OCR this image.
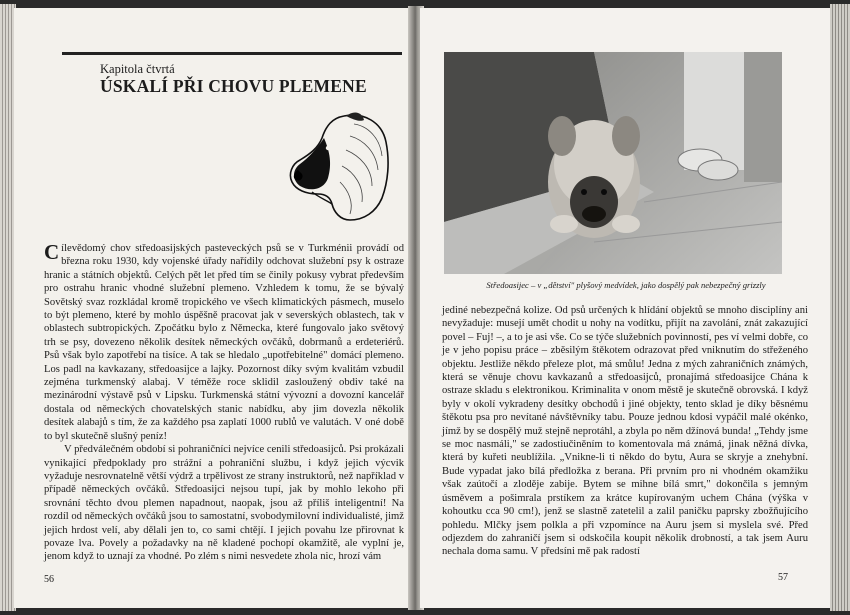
Kapitola čtvrtá
ÚSKALÍ PŘI CHOVU PLEMENE

Cílevědomý chov středoasijských pasteveckých psů se v Turkménii provádí od března roku 1930, kdy vojenské úřady nařídily odchovat služební psy k ostraze hranic a státních objektů. Celých pět let před tím se činily pokusy vybrat především pro ostrahu hranic vhodné služební plemeno. Vzhledem k tomu, že se bývalý Sovětský svaz rozkládal kromě tropického ve všech klimatických pásmech, muselo to být plemeno, které by mohlo úspěšně pracovat jak v severských oblastech, tak v oblastech subtropických. Zpočátku bylo z Německa, které fungovalo jako světový trh se psy, dovezeno několik desítek německých ovčáků, dobrmanů a erdeteriérů. Psů však bylo zapotřebí na tisíce. A tak se hledalo „upotřebitelné" domácí plemeno. Los padl na kavkazany, středoasijce a lajky. Pozornost díky svým kvalitám vzbudil zejména turkmenský alabaj. V téměže roce sklidil zasloužený obdiv také na mezinárodní výstavě psů v Lipsku. Turkmenská státní vývozní a dovozní kancelář dostala od německých chovatelských stanic nabídku, aby jim dovezla několik desítek alabajů s tím, že za každého psa zaplatí 1000 rublů ve valutách. V oné době to byl skutečně slušný peníz!

V předválečném období si pohraničníci nejvíce cenili středoasijců. Psi prokázali vynikající předpoklady pro strážní a pohraniční službu, i když jejich výcvik vyžaduje nesrovnatelně větší výdrž a trpělivost ze strany instruktorů, než například v případě německých ovčáků. Středoasijci nejsou tupí, jak by mohlo lekoho při srovnání těchto dvou plemen napadnout, naopak, jsou až příliš inteligentní! Na rozdíl od německých ovčáků jsou to samostatní, svobodymilovní individualisté, jimž jejich hrdost velí, aby dělali jen to, co sami chtějí. I jejich povahu lze přirovnat k povaze lva. Povely a požadavky na ně kladené pochopí okamžitě, ale vyplní je, jenom když to uznají za vhodné. Po zlém s nimi nesvedete zhola nic, hrozí vám

56
Středoasijec – v „dětství" plyšový medvídek, jako dospělý pak nebezpečný grizzly

jediné nebezpečná kolize. Od psů určených k hlídání objektů se mnoho disciplíny ani nevyžaduje: musejí umět chodit u nohy na vodítku, přijít na zavolání, znát zakazující povel – Fuj! –, a to je asi vše. Co se týče služebních povinností, pes ví velmi dobře, co je v jeho popisu práce – zběsilým štěkotem odrazovat před vniknutím do střeženého objektu. Jestliže někdo přeleze plot, má smůlu! Jedna z mých zahraničních známých, která se věnuje chovu kavkazanů a středoasijců, pronajímá středoasijce Chána k ostraze skladu s elektronikou. Kriminalita v onom městě je skutečně obrovská. I když byly v okolí vykradeny desítky obchodů i jiné objekty, tento sklad je díky běsnému štěkotu psa pro nevítané návštěvníky tabu. Pouze jednou kdosi vypáčil malé okénko, jímž by se dospělý muž stejně neprotáhl, a zbyla po něm džínová bunda! „Tehdy jsme se moc nasmáli," se zadostiučiněním to komentovala má známá, jinak něžná dívka, která by kuřeti neublížila. „Vnikne-li ti někdo do bytu, Aura se skryje a znehybní. Bude vypadat jako bílá předložka z berana. Při prvním pro ni vhodném okamžiku však zaútočí a zloděje zabije. Bytem se mihne bílá smrt," dokončila s jemným úsměvem a pošimrala prstíkem za krátce kupírovaným uchem Chána (výška v kohoutku cca 90 cm!), jenž se slastně zatetelil a zalil paničku paprsky zbožňujícího pohledu. Mlčky jsem polkla a při vzpomínce na Auru jsem si myslela své. Před odjezdem do zahraničí jsem si odskočila koupit několik drobností, a tak jsem Auru nechala doma samu. V předsíni mě pak radostí

57
